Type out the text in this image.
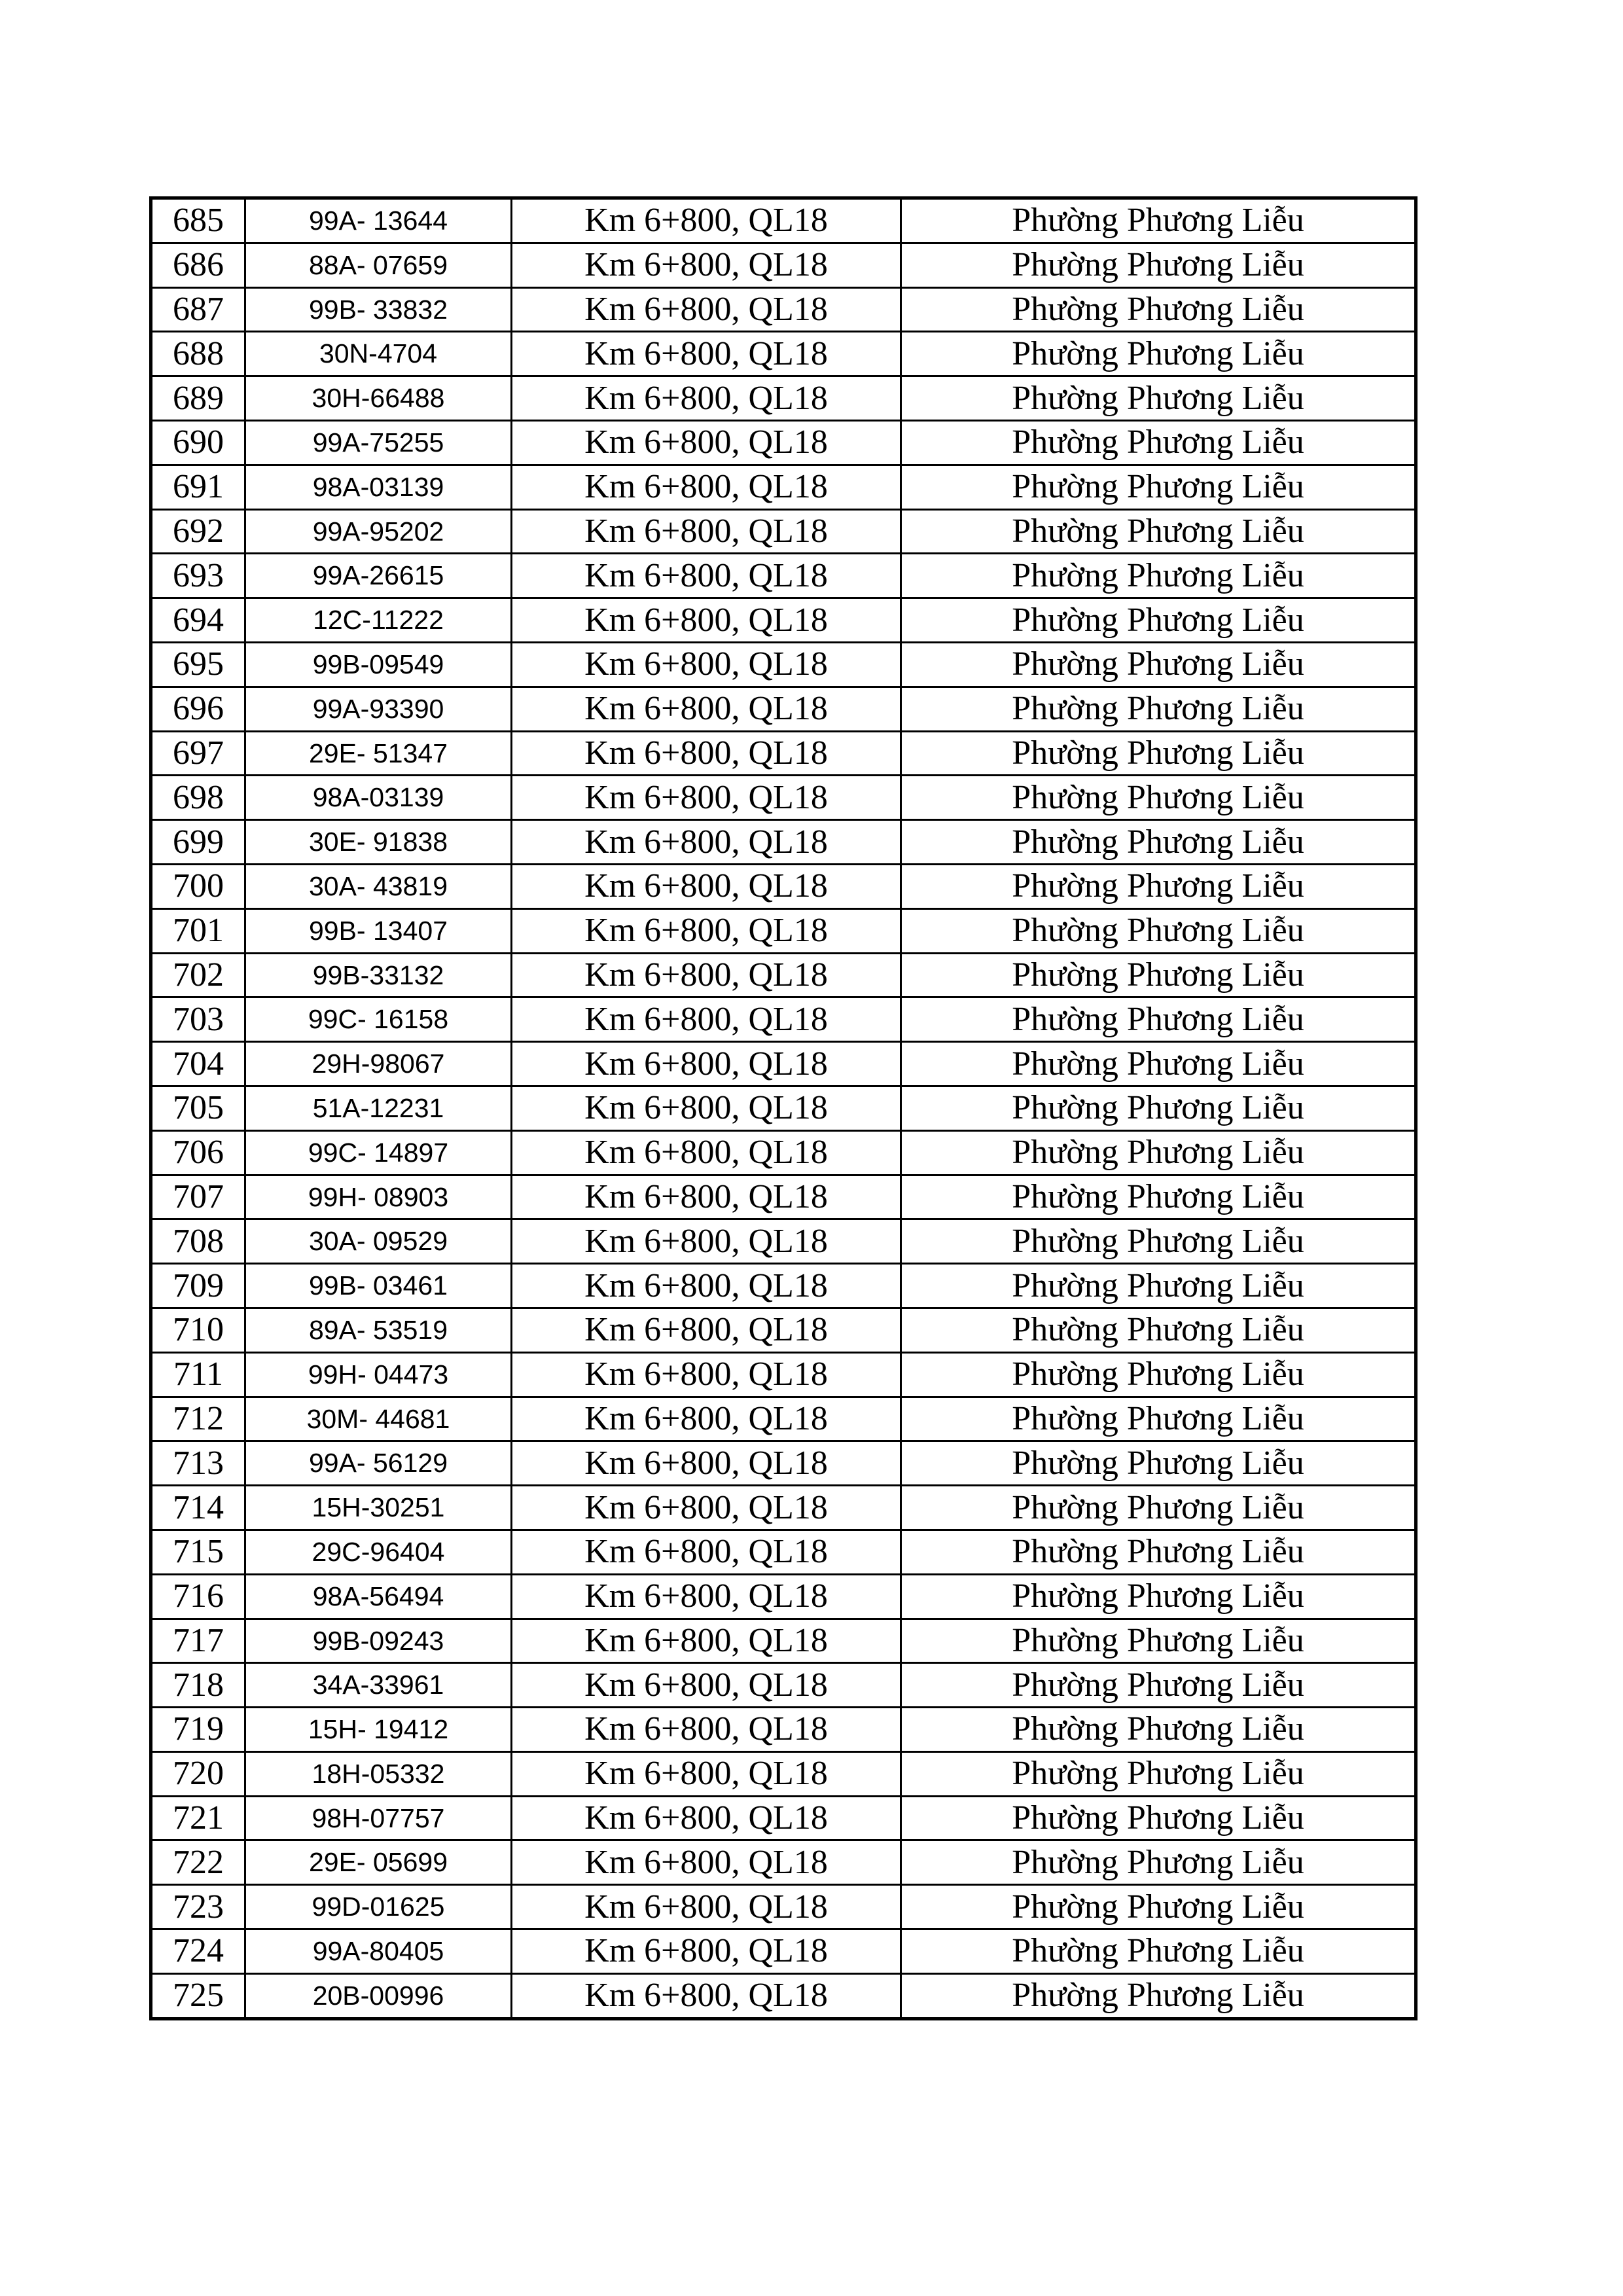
685	99A- 13644	Km 6+800, QL18	Phường Phương Liễu
686	88A- 07659	Km 6+800, QL18	Phường Phương Liễu
687	99B- 33832	Km 6+800, QL18	Phường Phương Liễu
688	30N-4704	Km 6+800, QL18	Phường Phương Liễu
689	30H-66488	Km 6+800, QL18	Phường Phương Liễu
690	99A-75255	Km 6+800, QL18	Phường Phương Liễu
691	98A-03139	Km 6+800, QL18	Phường Phương Liễu
692	99A-95202	Km 6+800, QL18	Phường Phương Liễu
693	99A-26615	Km 6+800, QL18	Phường Phương Liễu
694	12C-11222	Km 6+800, QL18	Phường Phương Liễu
695	99B-09549	Km 6+800, QL18	Phường Phương Liễu
696	99A-93390	Km 6+800, QL18	Phường Phương Liễu
697	29E- 51347	Km 6+800, QL18	Phường Phương Liễu
698	98A-03139	Km 6+800, QL18	Phường Phương Liễu
699	30E- 91838	Km 6+800, QL18	Phường Phương Liễu
700	30A- 43819	Km 6+800, QL18	Phường Phương Liễu
701	99B- 13407	Km 6+800, QL18	Phường Phương Liễu
702	99B-33132	Km 6+800, QL18	Phường Phương Liễu
703	99C- 16158	Km 6+800, QL18	Phường Phương Liễu
704	29H-98067	Km 6+800, QL18	Phường Phương Liễu
705	51A-12231	Km 6+800, QL18	Phường Phương Liễu
706	99C- 14897	Km 6+800, QL18	Phường Phương Liễu
707	99H- 08903	Km 6+800, QL18	Phường Phương Liễu
708	30A- 09529	Km 6+800, QL18	Phường Phương Liễu
709	99B- 03461	Km 6+800, QL18	Phường Phương Liễu
710	89A- 53519	Km 6+800, QL18	Phường Phương Liễu
711	99H- 04473	Km 6+800, QL18	Phường Phương Liễu
712	30M- 44681	Km 6+800, QL18	Phường Phương Liễu
713	99A- 56129	Km 6+800, QL18	Phường Phương Liễu
714	15H-30251	Km 6+800, QL18	Phường Phương Liễu
715	29C-96404	Km 6+800, QL18	Phường Phương Liễu
716	98A-56494	Km 6+800, QL18	Phường Phương Liễu
717	99B-09243	Km 6+800, QL18	Phường Phương Liễu
718	34A-33961	Km 6+800, QL18	Phường Phương Liễu
719	15H- 19412	Km 6+800, QL18	Phường Phương Liễu
720	18H-05332	Km 6+800, QL18	Phường Phương Liễu
721	98H-07757	Km 6+800, QL18	Phường Phương Liễu
722	29E- 05699	Km 6+800, QL18	Phường Phương Liễu
723	99D-01625	Km 6+800, QL18	Phường Phương Liễu
724	99A-80405	Km 6+800, QL18	Phường Phương Liễu
725	20B-00996	Km 6+800, QL18	Phường Phương Liễu
